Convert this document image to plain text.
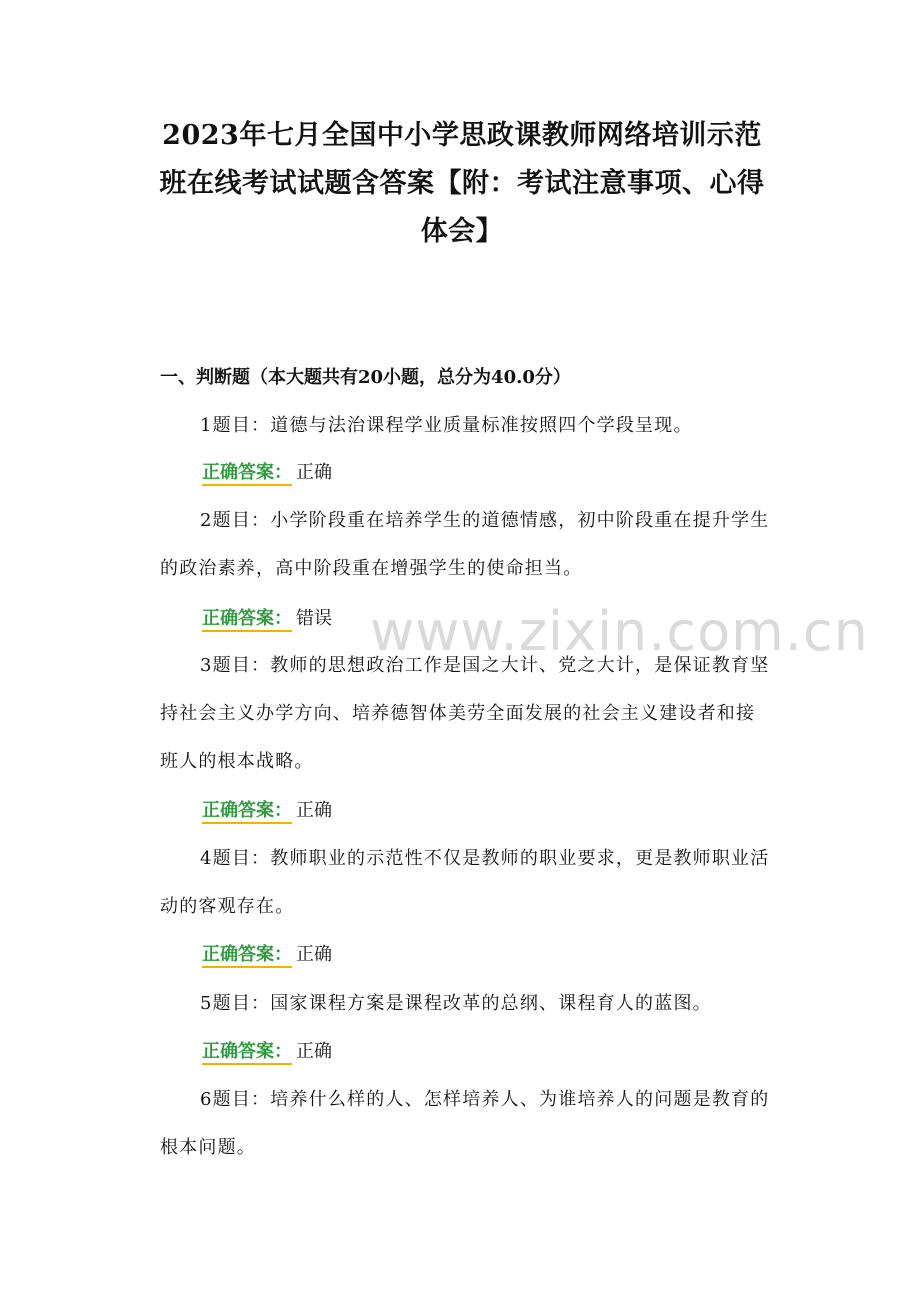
www.zixin.com.cn
2023年七月全国中小学思政课教师网络培训示范班在线考试试题含答案【附：考试注意事项、心得体会】
一、判断题（本大题共有20小题，总分为40.0分）

1题目：道德与法治课程学业质量标准按照四个学段呈现。

正确答案： 正确

2题目：小学阶段重在培养学生的道德情感，初中阶段重在提升学生的政治素养，高中阶段重在增强学生的使命担当。

正确答案： 错误

3题目：教师的思想政治工作是国之大计、党之大计，是保证教育坚持社会主义办学方向、培养德智体美劳全面发展的社会主义建设者和接班人的根本战略。

正确答案： 正确

4题目：教师职业的示范性不仅是教师的职业要求，更是教师职业活动的客观存在。

正确答案： 正确

5题目：国家课程方案是课程改革的总纲、课程育人的蓝图。

正确答案： 正确

6题目：培养什么样的人、怎样培养人、为谁培养人的问题是教育的根本问题。
